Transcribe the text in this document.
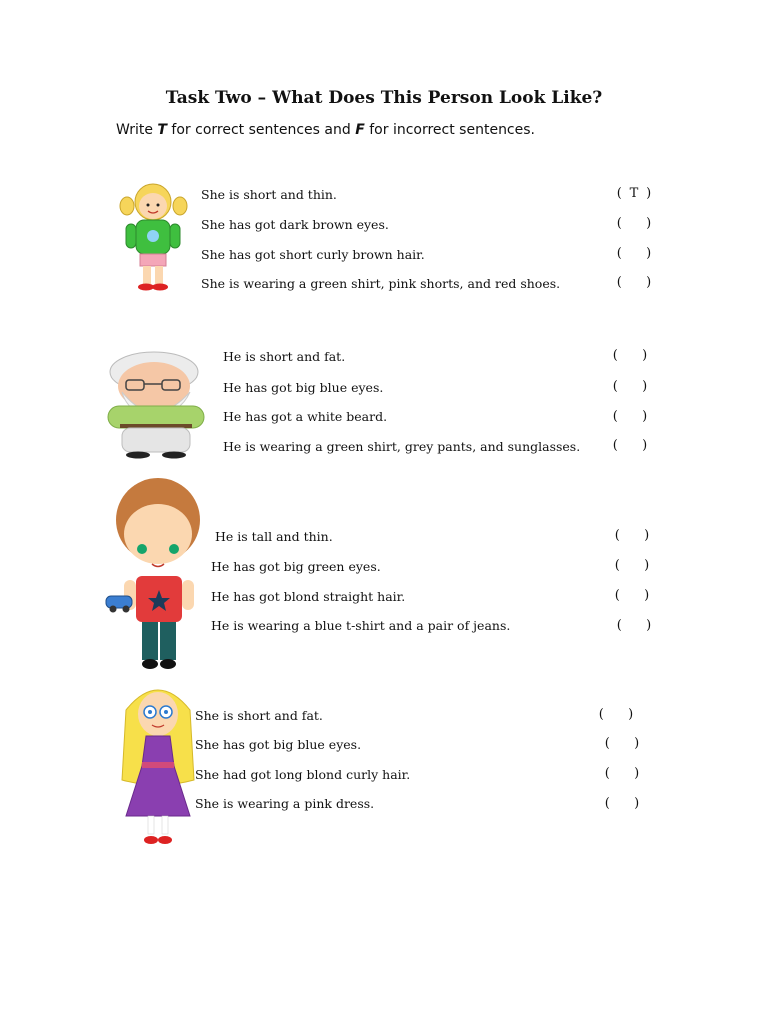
Task Two – What Does This Person Look Like?
Write T for correct sentences and F for incorrect sentences.
She is short and thin.	( T )
She has got dark brown eyes.	(  )
She has got short curly brown hair.	(  )
She is wearing a green shirt, pink shorts, and red shoes.	(  )
He is short and fat.	(  )
He has got big blue eyes.	(  )
He has got a white beard.	(  )
He is wearing a green shirt, grey pants, and sunglasses.	(  )
He is tall and thin.	(  )
He has got big green eyes.	(  )
He has got blond straight hair.	(  )
He is wearing a blue t-shirt and a pair of jeans.	(  )
She is short and fat.	(  )
She has got big blue eyes.	(  )
She had got long blond curly hair.	(  )
She is wearing a pink dress.	(  )
